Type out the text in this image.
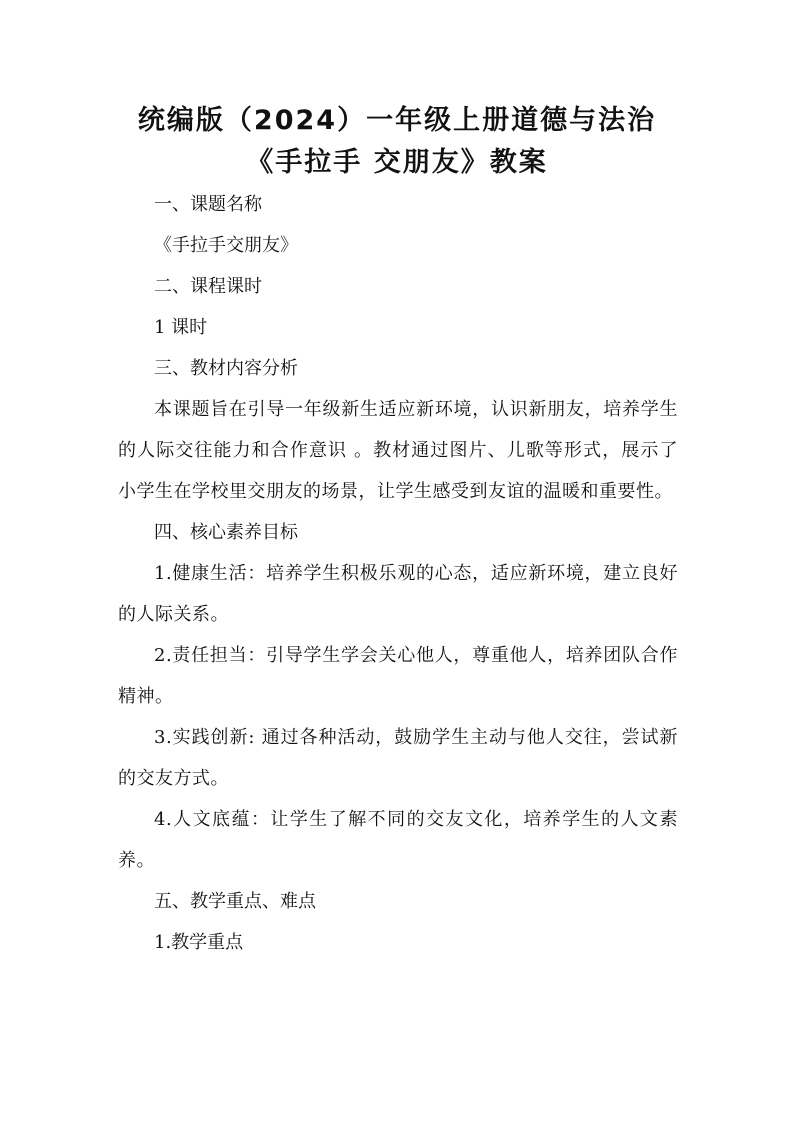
统编版（2024）一年级上册道德与法治
《手拉手 交朋友》教案

一、课题名称

《手拉手交朋友》

二、课程课时

1 课时

三、教材内容分析

本课题旨在引导一年级新生适应新环境，认识新朋友，培养学生的人际交往能力和合作意识 。教材通过图片、儿歌等形式，展示了小学生在学校里交朋友的场景，让学生感受到友谊的温暖和重要性。

四、核心素养目标

1.健康生活：培养学生积极乐观的心态，适应新环境，建立良好的人际关系。

2.责任担当：引导学生学会关心他人，尊重他人，培养团队合作精神。

3.实践创新: 通过各种活动，鼓励学生主动与他人交往，尝试新的交友方式。

4.人文底蕴：让学生了解不同的交友文化，培养学生的人文素养。

五、教学重点、难点

1.教学重点
